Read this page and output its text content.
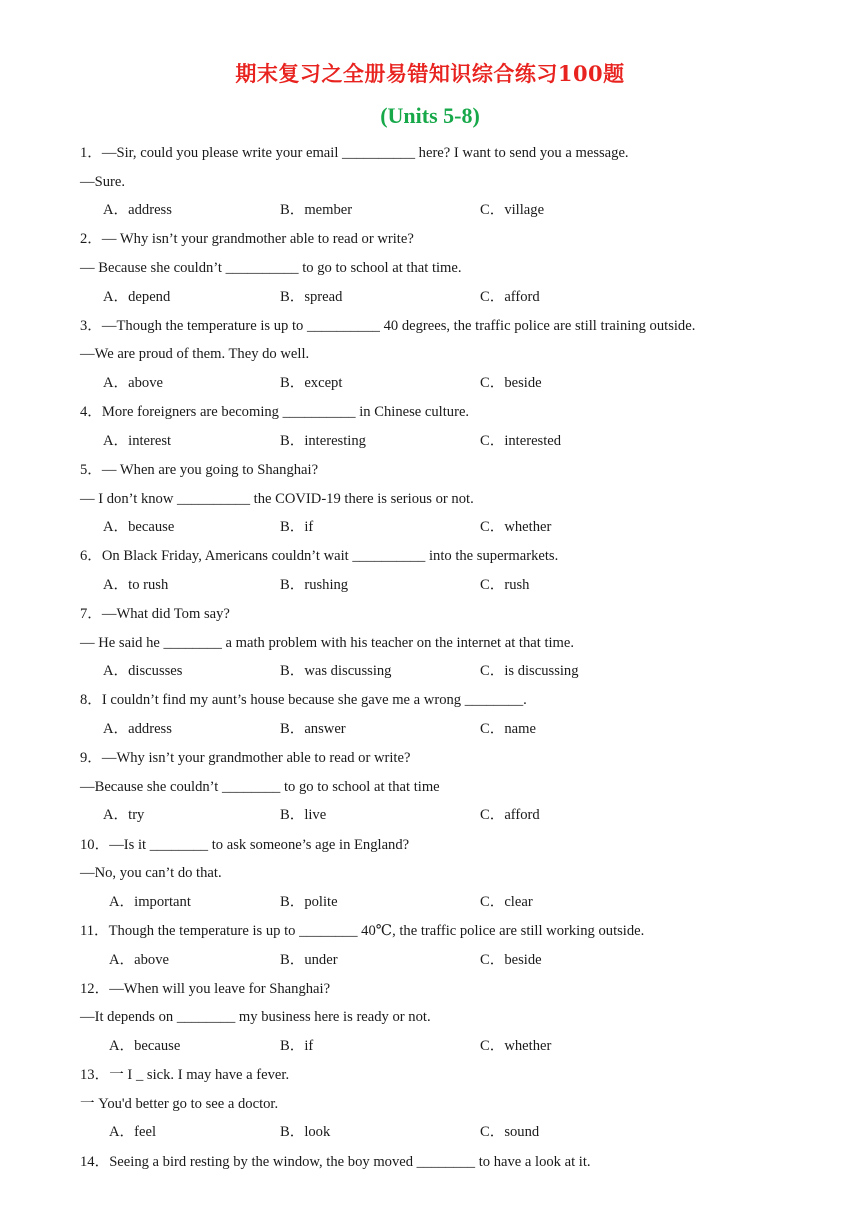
期末复习之全册易错知识综合练习100题
(Units 5-8)
1．—Sir, could you please write your email __________ here? I want to send you a message.
—Sure.
A．address	B．member	C．village
2．— Why isn’t your grandmother able to read or write?
— Because she couldn’t __________ to go to school at that time.
A．depend	B．spread	C．afford
3．—Though the temperature is up to __________ 40 degrees, the traffic police are still training outside.
—We are proud of them. They do well.
A．above	B．except	C．beside
4．More foreigners are becoming __________ in Chinese culture.
A．interest	B．interesting	C．interested
5．— When are you going to Shanghai?
— I don’t know __________ the COVID-19 there is serious or not.
A．because	B．if	C．whether
6．On Black Friday, Americans couldn’t wait __________ into the supermarkets.
A．to rush	B．rushing	C．rush
7．—What did Tom say?
— He said he ________ a math problem with his teacher on the internet at that time.
A．discusses	B．was discussing	C．is discussing
8．I couldn’t find my aunt’s house because she gave me a wrong ________.
A．address	B．answer	C．name
9．—Why isn’t your grandmother able to read or write?
—Because she couldn’t ________ to go to school at that time
A．try	B．live	C．afford
10．—Is it ________ to ask someone’s age in England?
—No, you can’t do that.
A．important	B．polite	C．clear
11．Though the temperature is up to ________ 40℃, the traffic police are still working outside.
A．above	B．under	C．beside
12．—When will you leave for Shanghai?
—It depends on ________ my business here is ready or not.
A．because	B．if	C．whether
13．一 I _ sick. I may have a fever.
一 You'd better go to see a doctor.
A．feel	B．look	C．sound
14．Seeing a bird resting by the window, the boy moved ________ to have a look at it.
